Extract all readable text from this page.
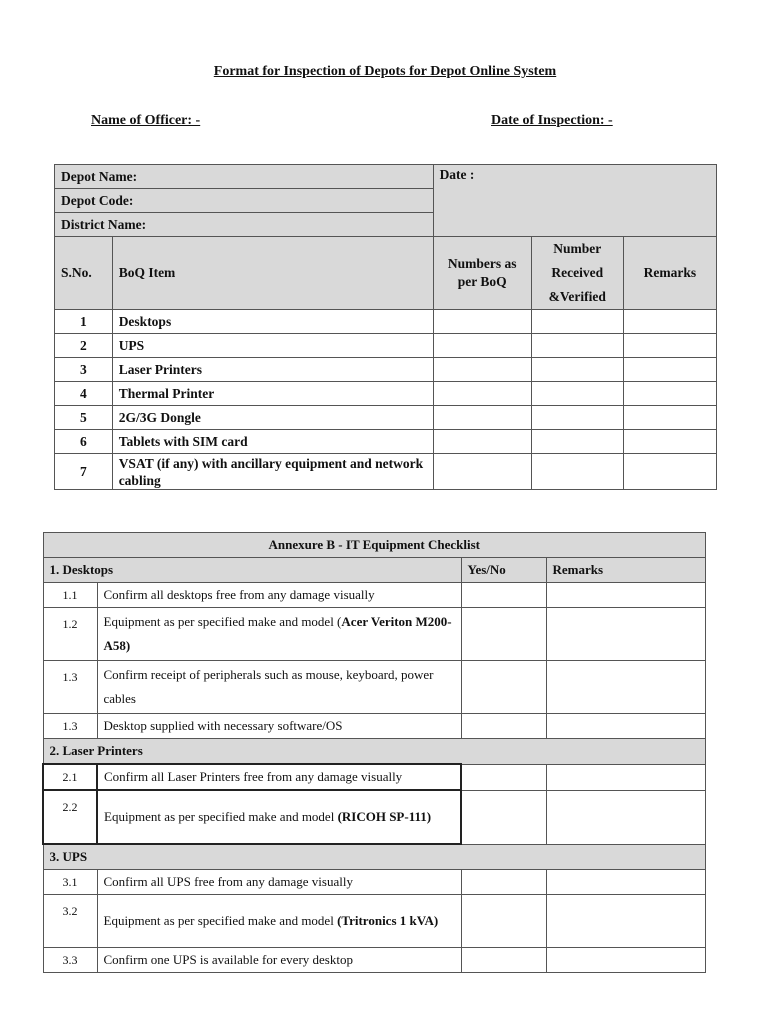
Format for Inspection of Depots for Depot Online System
Name of Officer: -	Date of Inspection: -
Depot Name:		Date :		
Depot Code:				
District Name:				
S.No.	BoQ Item	Numbers as per BoQ	Number Received &Verified	Remarks
1	Desktops			
2	UPS			
3	Laser Printers			
4	Thermal Printer			
5	2G/3G Dongle			
6	Tablets with SIM card			
7	VSAT (if any) with ancillary equipment and network cabling			
Annexure B - IT Equipment Checklist			
1. Desktops		Yes/No	Remarks
1.1	Confirm all desktops free from any damage visually		
1.2	Equipment as per specified make and model (Acer Veriton M200-A58)		
1.3	Confirm receipt of peripherals such as mouse, keyboard, power cables		
1.3	Desktop supplied with necessary software/OS		
2. Laser Printers			
2.1	Confirm all Laser Printers free from any damage visually		
2.2	Equipment as per specified make and model (RICOH SP-111)		
3. UPS			
3.1	Confirm all UPS free from any damage visually		
3.2	Equipment as per specified make and model (Tritronics 1 kVA)		
3.3	Confirm one UPS is available for every desktop		
